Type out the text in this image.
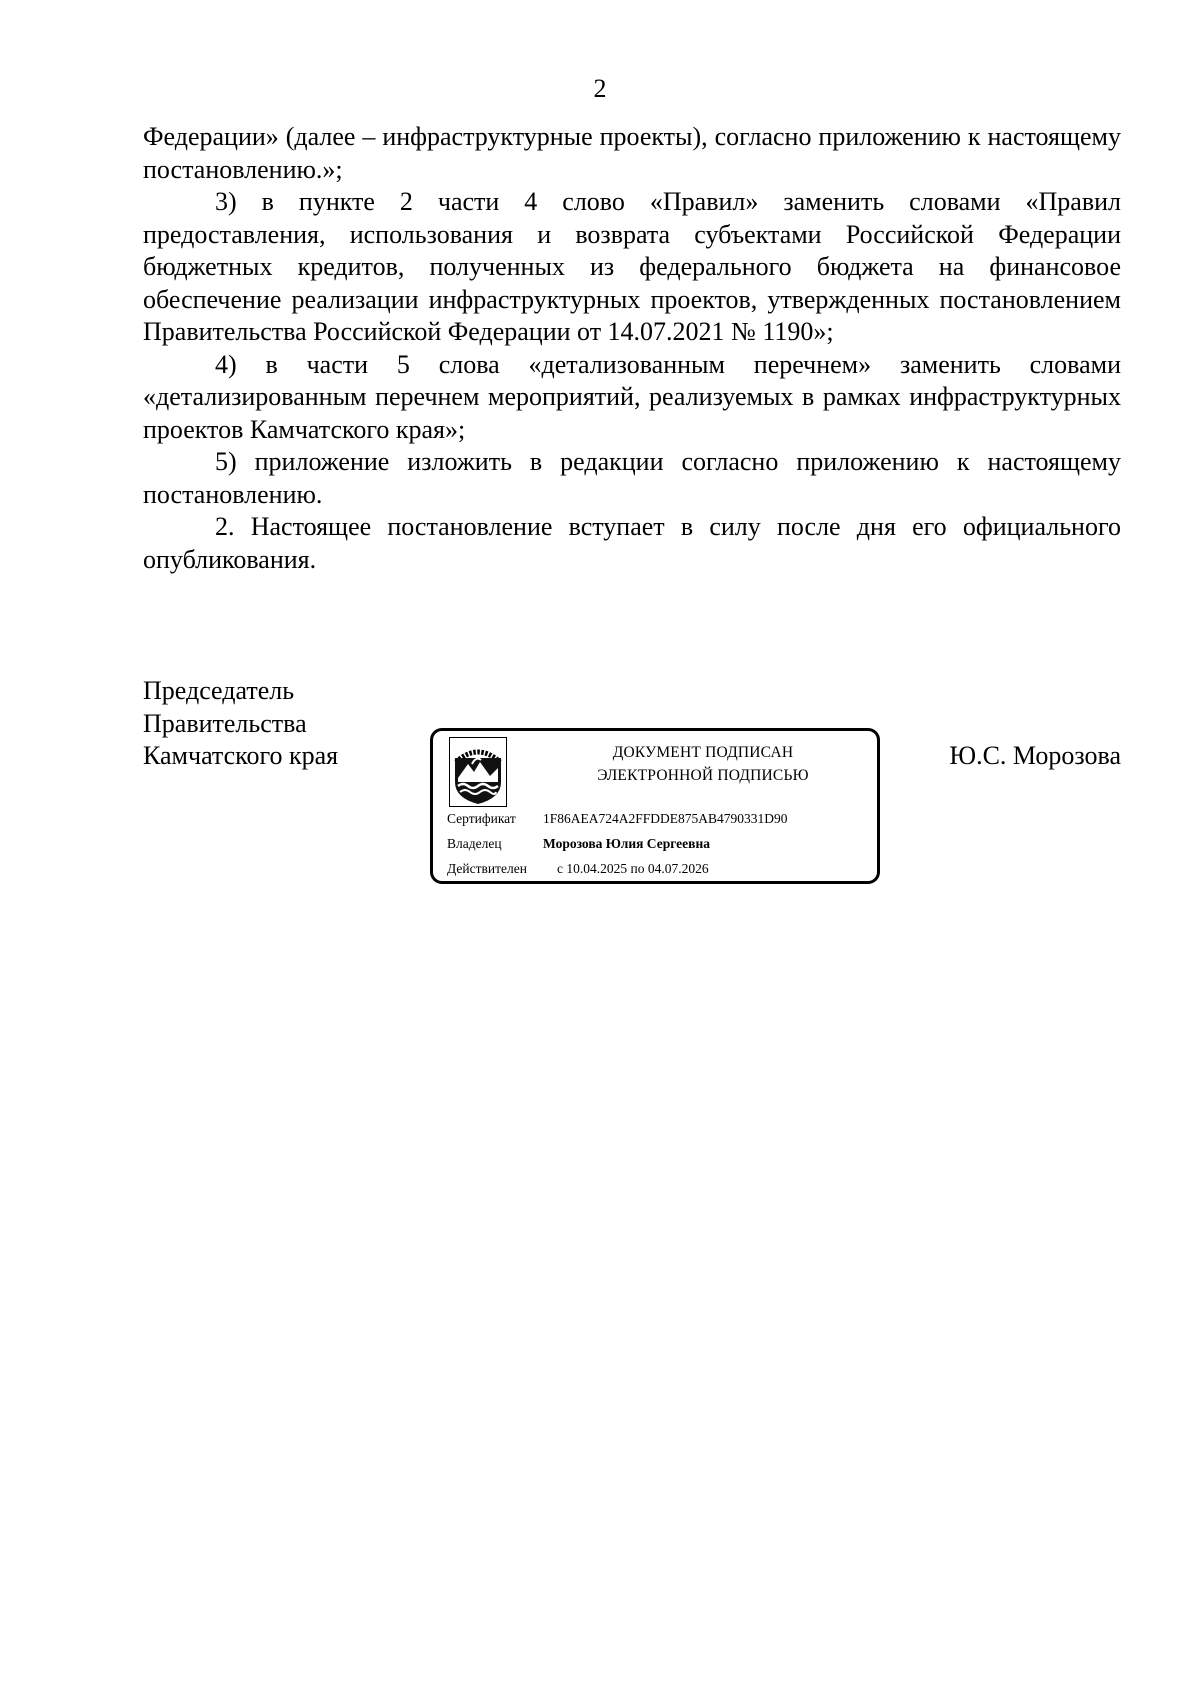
2

Федерации» (далее – инфраструктурные проекты), согласно приложению к настоящему постановлению.»;

3) в пункте 2 части 4 слово «Правил» заменить словами «Правил предоставления, использования и возврата субъектами Российской Федерации бюджетных кредитов, полученных из федерального бюджета на финансовое обеспечение реализации инфраструктурных проектов, утвержденных постановлением Правительства Российской Федерации от 14.07.2021 № 1190»;

4) в части 5 слова «детализованным перечнем» заменить словами «детализированным перечнем мероприятий, реализуемых в рамках инфраструктурных проектов Камчатского края»;

5) приложение изложить в редакции согласно приложению к настоящему постановлению.

2. Настоящее постановление вступает в силу после дня его официального опубликования.

Председатель
Правительства
Камчатского края	ДОКУМЕНТ ПОДПИСАН
ЭЛЕКТРОННОЙ ПОДПИСЬЮ
Сертификат 1F86AEA724A2FFDDE875AB4790331D90
Владелец	Морозова Юлия Сергеевна
Действителен с 10.04.2025 по 04.07.2026
Ю.С. Морозова
